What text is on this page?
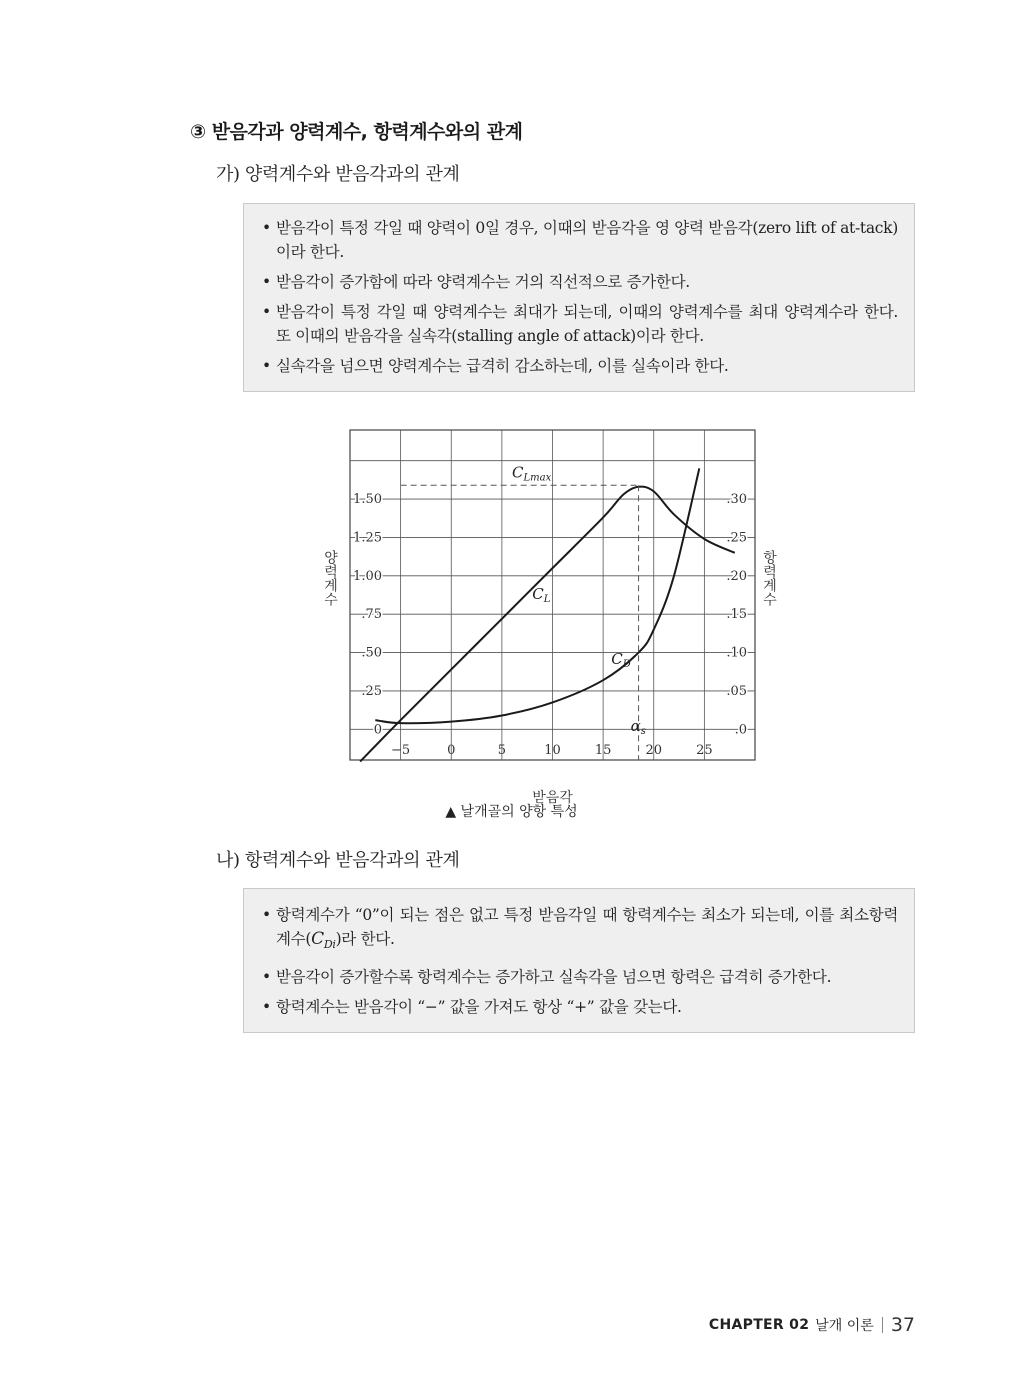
③ 받음각과 양력계수, 항력계수와의 관계
가) 양력계수와 받음각과의 관계
• 받음각이 특정 각일 때 양력이 0일 경우, 이때의 받음각을 영 양력 받음각(zero lift of at-tack)이라 한다.
• 받음각이 증가함에 따라 양력계수는 거의 직선적으로 증가한다.
• 받음각이 특정 각일 때 양력계수는 최대가 되는데, 이때의 양력계수를 최대 양력계수라 한다. 또 이때의 받음각을 실속각(stalling angle of attack)이라 한다.
• 실속각을 넘으면 양력계수는 급격히 감소하는데, 이를 실속이라 한다.
−5	0	5	10	15	20	25
0
.25
.50
.75
1.00
1.25
1.50
.0
.05
.10
.15
.20
.25
.30
$C_{Lmax}$
$C_L$
$C_D$
$\alpha_s$
받음각
양력계수	항력계수
▲ 날개골의 양항 특성
나) 항력계수와 받음각과의 관계
• 항력계수가 “0”이 되는 점은 없고 특정 받음각일 때 항력계수는 최소가 되는데, 이를 최소항력계수$(C_{Di})$라 한다.
• 받음각이 증가할수록 항력계수는 증가하고 실속각을 넘으면 항력은 급격히 증가한다.
• 항력계수는 받음각이 “−” 값을 가져도 항상 “+” 값을 갖는다.
CHAPTER 02 날개 이론 37
